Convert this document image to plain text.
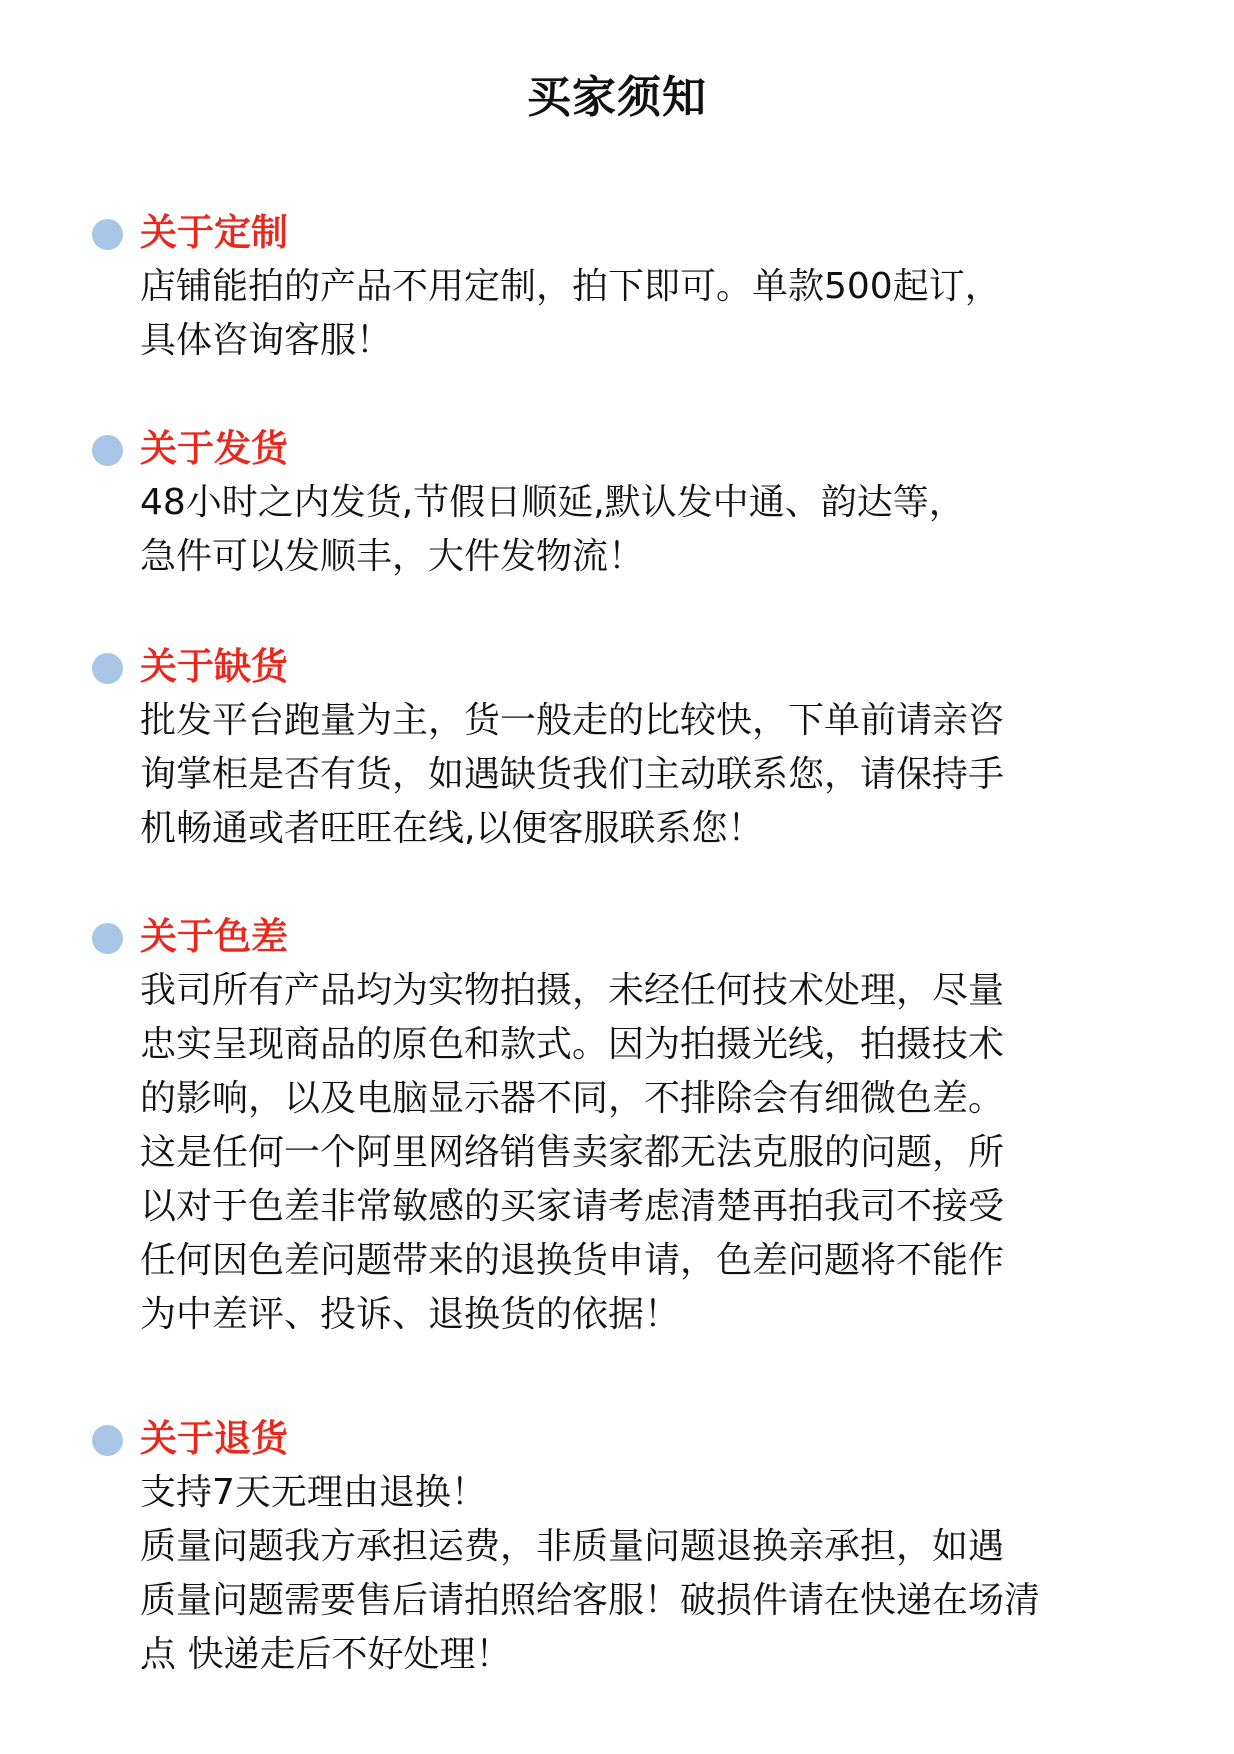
买家须知
关于定制
店铺能拍的产品不用定制，拍下即可。单款500起订，
具体咨询客服！
关于发货
48小时之内发货,节假日顺延,默认发中通、韵达等，
急件可以发顺丰，大件发物流！
关于缺货
批发平台跑量为主，货一般走的比较快，下单前请亲咨
询掌柜是否有货，如遇缺货我们主动联系您，请保持手
机畅通或者旺旺在线,以便客服联系您！
关于色差
我司所有产品均为实物拍摄，未经任何技术处理，尽量
忠实呈现商品的原色和款式。因为拍摄光线，拍摄技术
的影响，以及电脑显示器不同，不排除会有细微色差。
这是任何一个阿里网络销售卖家都无法克服的问题，所
以对于色差非常敏感的买家请考虑清楚再拍我司不接受
任何因色差问题带来的退换货申请，色差问题将不能作
为中差评、投诉、退换货的依据！
关于退货
支持7天无理由退换！
质量问题我方承担运费，非质量问题退换亲承担，如遇
质量问题需要售后请拍照给客服！破损件请在快递在场清
点 快递走后不好处理！
